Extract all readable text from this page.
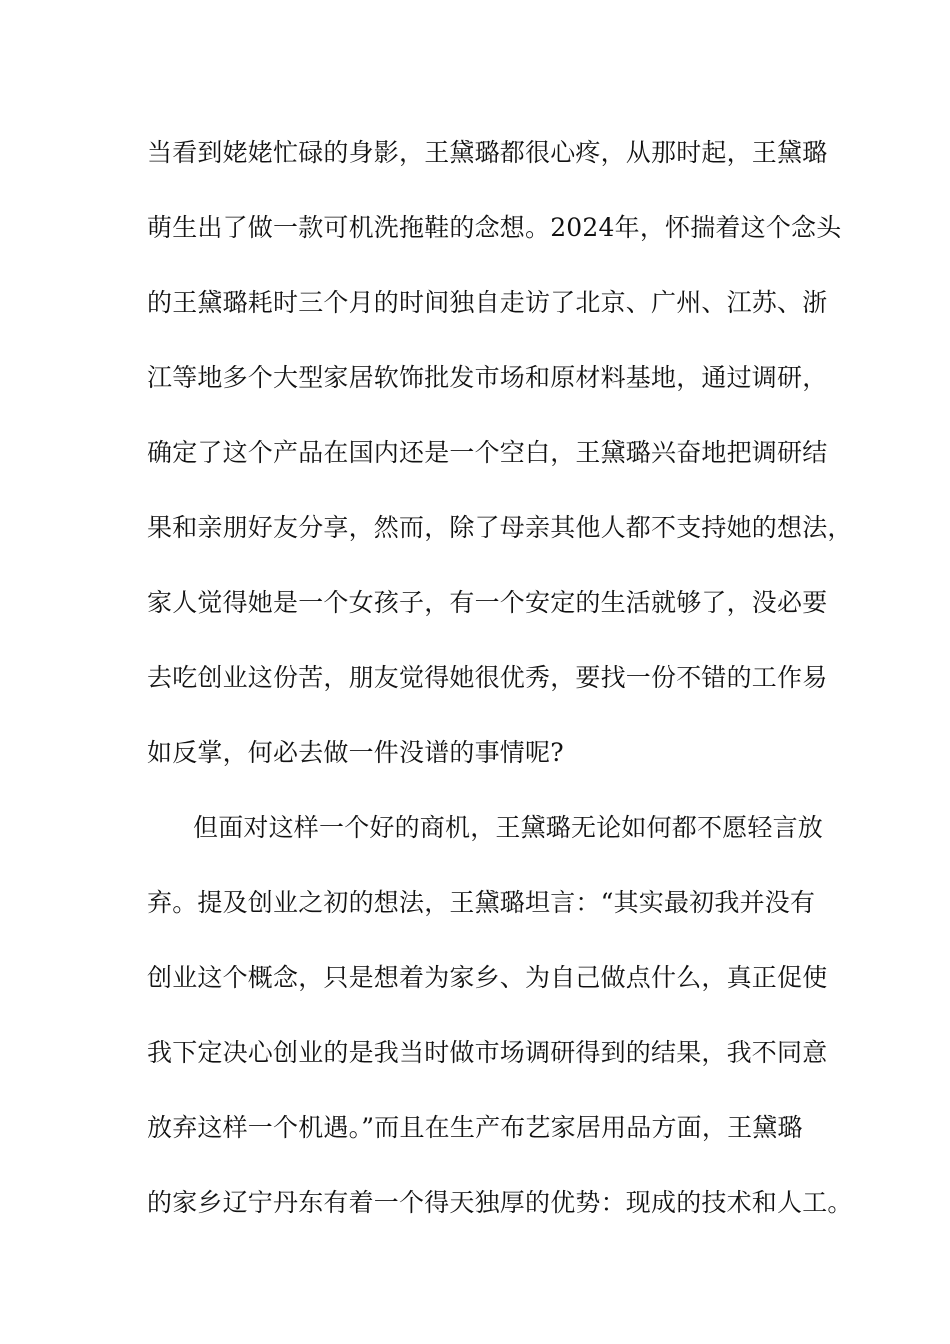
当看到姥姥忙碌的身影，王黛璐都很心疼，从那时起，王黛璐
萌生出了做一款可机洗拖鞋的念想。2024年，怀揣着这个念头
的王黛璐耗时三个月的时间独自走访了北京、广州、江苏、浙
江等地多个大型家居软饰批发市场和原材料基地，通过调研，
确定了这个产品在国内还是一个空白，王黛璐兴奋地把调研结
果和亲朋好友分享，然而，除了母亲其他人都不支持她的想法，
家人觉得她是一个女孩子，有一个安定的生活就够了，没必要
去吃创业这份苦，朋友觉得她很优秀，要找一份不错的工作易
如反掌，何必去做一件没谱的事情呢?
但面对这样一个好的商机，王黛璐无论如何都不愿轻言放
弃。提及创业之初的想法，王黛璐坦言：“其实最初我并没有
创业这个概念，只是想着为家乡、为自己做点什么，真正促使
我下定决心创业的是我当时做市场调研得到的结果，我不同意
放弃这样一个机遇。”而且在生产布艺家居用品方面，王黛璐
的家乡辽宁丹东有着一个得天独厚的优势：现成的技术和人工。
